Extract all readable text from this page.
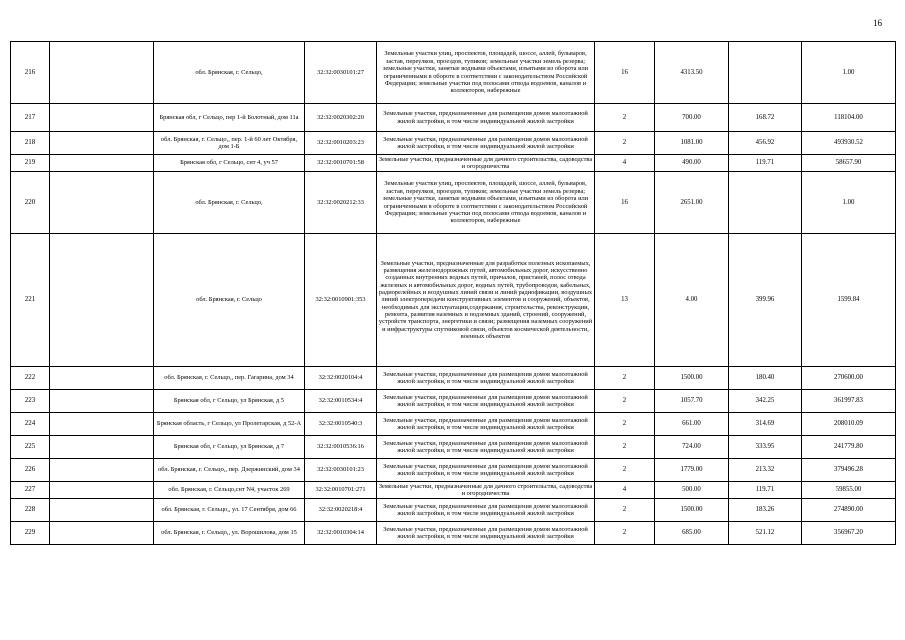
16
216		обл. Брянская, г. Сельцо,	32:32:0030101:27	Земельные участки улиц, проспектов, площадей, шоссе, аллей, бульваров, застав, переулков, проездов, тупиков; земельные участки земель резерва; земельные участки, занятые водными объектами, изъятыми из оборота или ограниченными в обороте в соответствии с законодательством Российской Федерации; земельные участки под полосами отвода водоемов, каналов и коллекторов, набережные	16	4313.50		1.00
217		Брянская обл, г Сельцо, пер 1-й Болотный, дом 11а	32:32:0020302:20	Земельные участки, предназначенные для размещения домов малоэтажной жилой застройки, в том числе индивидуальной жилой застройки	2	700.00	168.72	118104.00
218		обл. Брянская, г. Сельцо,, пер. 1-й 60 лет Октября, дом 1-Б	32:32:0010203:23	Земельные участки, предназначенные для размещения домов малоэтажной жилой застройки, в том числе индивидуальной жилой застройки	2	1081.00	456.92	493930.52
219		Брянская обл, г Сельцо, снт 4, уч 57	32:32:0010701:58	Земельные участки, предназначенные для дачного строительства, садоводства и огородничества	4	490.00	119.71	58657.90
220		обл. Брянская, г. Сельцо,	32:32:0020212:33	Земельные участки улиц, проспектов, площадей, шоссе, аллей, бульваров, застав, переулков, проездов, тупиков; земельные участки земель резерва; земельные участки, занятые водными объектами, изъятыми из оборота или ограниченными в обороте в соответствии с законодательством Российской Федерации; земельные участки под полосами отвода водоемов, каналов и коллекторов, набережные	16	2651.00		1.00
221		обл. Брянская, г. Сельцо	32:32:0010901:353	Земельные участки, предназначенные для разработки полезных ископаемых, размещения железнодорожных путей, автомобильных дорог, искусственно созданных внутренних водных путей, причалов, пристаней, полос отвода железных и автомобильных дорог, водных путей, трубопроводов, кабельных, радиорелейных и воздушных линий связи и линий радиофикации, воздушных линий электропередачи конструктивных элементов и сооружений, объектов, необходимых для эксплуатации,содержания, строительства, реконструкции, ремонта, развития наземных и подземных зданий, строений, сооружений, устройств транспорта, энергетики и связи; размещения наземных сооружений и инфраструктуры спутниковой связи, объектов космической деятельности, военных объектов	13	4.00	399.96	1599.84
222		обл. Брянская, г. Сельцо,, пер. Гагарина, дом 34	32:32:0020104:4	Земельные участки, предназначенные для размещения домов малоэтажной жилой застройки, в том числе индивидуальной жилой застройки	2	1500.00	180.40	270600.00
223		Брянская обл, г Сельцо, ул Брянская, д 5	32:32:0010534:4	Земельные участки, предназначенные для размещения домов малоэтажной жилой застройки, в том числе индивидуальной жилой застройки	2	1057.70	342.25	361997.83
224		Брянская область, г Сельцо, ул Пролетарская, д 52-А	32:32:0010540:3	Земельные участки, предназначенные для размещения домов малоэтажной жилой застройки, в том числе индивидуальной жилой застройки	2	661.00	314.69	208010.09
225		Брянская обл, г Сельцо, ул Брянская, д 7	32:32:0010536:16	Земельные участки, предназначенные для размещения домов малоэтажной жилой застройки, в том числе индивидуальной жилой застройки	2	724.00	333.95	241779.80
226		обл. Брянская, г. Сельцо,, пер. Дзержинский, дом 34	32:32:0030101:23	Земельные участки, предназначенные для размещения домов малоэтажной жилой застройки, в том числе индивидуальной жилой застройки	2	1779.00	213.32	379496.28
227		обл. Брянская, г. Сельцо,снт N4, участок 269	32:32:0010701:271	Земельные участки, предназначенные для дачного строительства, садоводства и огородничества	4	500.00	119.71	59855.00
228		обл. Брянская, г. Сельцо,, ул. 17 Сентября, дом 66	32:32:0020218:4	Земельные участки, предназначенные для размещения домов малоэтажной жилой застройки, в том числе индивидуальной жилой застройки	2	1500.00	183.26	274890.00
229		обл. Брянская, г. Сельцо,, ул. Ворошилова, дом 15	32:32:0010304:14	Земельные участки, предназначенные для размещения домов малоэтажной жилой застройки, в том числе индивидуальной жилой застройки	2	685.00	521.12	356967.20
